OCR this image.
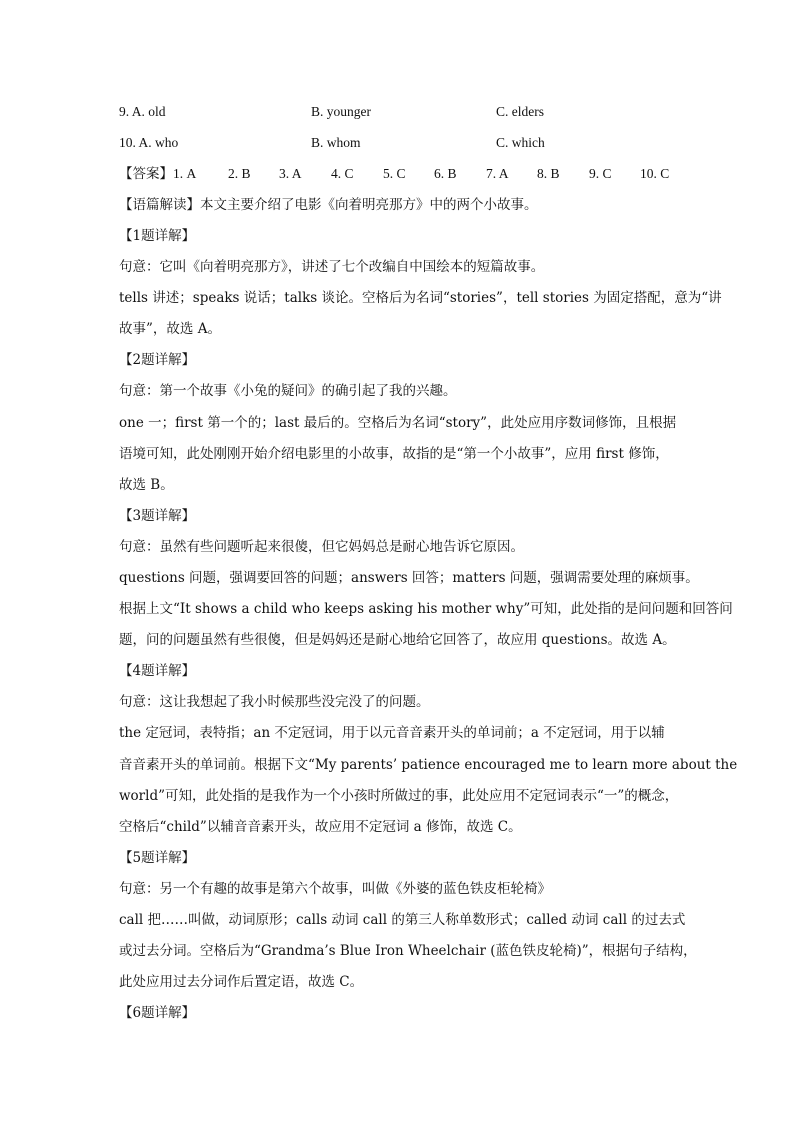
9. A. old	B. younger	C. elders
10. A. who	B. whom	C. which
【答案】1. A 2. B 3. A 4. C 5. C 6. B 7. A 8. B 9. C 10. C
【语篇解读】本文主要介绍了电影《向着明亮那方》中的两个小故事。
【1题详解】
句意：它叫《向着明亮那方》，讲述了七个改编自中国绘本的短篇故事。
tells 讲述；speaks 说话；talks 谈论。空格后为名词“stories”，tell stories 为固定搭配，意为“讲
故事”，故选 A。
【2题详解】
句意：第一个故事《小兔的疑问》的确引起了我的兴趣。
one 一；first 第一个的；last 最后的。空格后为名词“story”，此处应用序数词修饰，且根据
语境可知，此处刚刚开始介绍电影里的小故事，故指的是“第一个小故事”，应用 first 修饰，
故选 B。
【3题详解】
句意：虽然有些问题听起来很傻，但它妈妈总是耐心地告诉它原因。
questions 问题，强调要回答的问题；answers 回答；matters 问题，强调需要处理的麻烦事。
根据上文“It shows a child who keeps asking his mother why”可知，此处指的是问问题和回答问
题，问的问题虽然有些很傻，但是妈妈还是耐心地给它回答了，故应用 questions。故选 A。
【4题详解】
句意：这让我想起了我小时候那些没完没了的问题。
the 定冠词，表特指；an 不定冠词，用于以元音音素开头的单词前；a 不定冠词，用于以辅
音音素开头的单词前。根据下文“My parents’ patience encouraged me to learn more about the
world”可知，此处指的是我作为一个小孩时所做过的事，此处应用不定冠词表示“一”的概念，
空格后“child”以辅音音素开头，故应用不定冠词 a 修饰，故选 C。
【5题详解】
句意：另一个有趣的故事是第六个故事，叫做《外婆的蓝色铁皮柜轮椅》
call 把……叫做，动词原形；calls 动词 call 的第三人称单数形式；called 动词 call 的过去式
或过去分词。空格后为“Grandma’s Blue Iron Wheelchair (蓝色铁皮轮椅)”，根据句子结构，
此处应用过去分词作后置定语，故选 C。
【6题详解】
